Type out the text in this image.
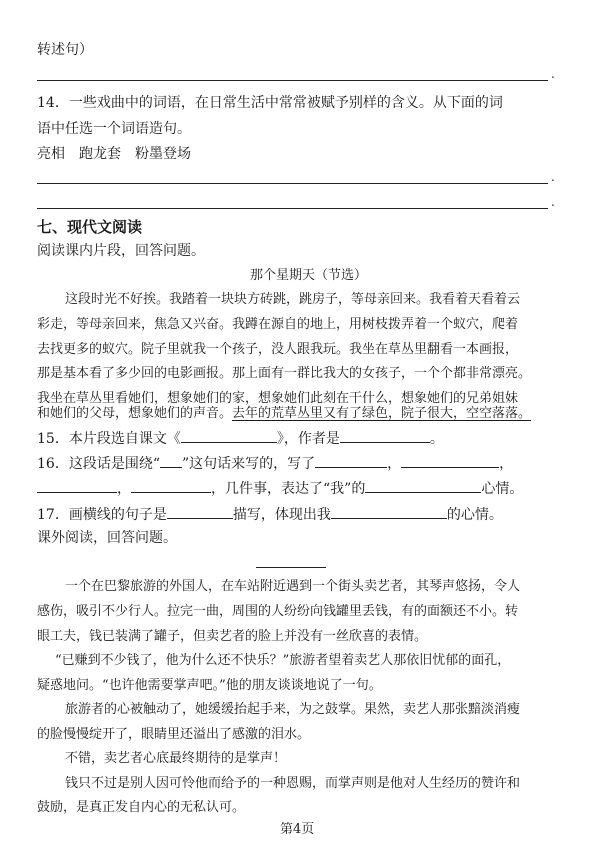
转述句）

.

14．一些戏曲中的词语，在日常生活中常常被赋予别样的含义。从下面的词

语中任选一个词语造句。

亮相　跑龙套　粉墨登场

.
.

七、现代文阅读

阅读课内片段，回答问题。

那个星期天（节选）

这段时光不好挨。我踏着一块块方砖跳，跳房子，等母亲回来。我看着天看着云

彩走，等母亲回来，焦急又兴奋。我蹲在源自的地上，用树枝拨弄着一个蚁穴，爬着

去找更多的蚁穴。院子里就我一个孩子，没人跟我玩。我坐在草丛里翻看一本画报，

那是基本看了多少回的电影画报。那上面有一群比我大的女孩子，一个个都非常漂亮。

我坐在草丛里看她们，想象她们的家，想象她们此刻在干什么，想象她们的兄弟姐妹

和她们的父母，想象她们的声音。去年的荒草丛里又有了绿色，院子很大，空空落落。

15．本片段选自课文《	》，作者是	。

16．这段话是围绕“ ”这句话来写的，写了	，	，

，	，几件事，表达了“我”的	心情。

17．画横线的句子是	描写，体现出我	的心情。

课外阅读，回答问题。

一个在巴黎旅游的外国人，在车站附近遇到一个街头卖艺者，其琴声悠扬，令人

感伤，吸引不少行人。拉完一曲，周围的人纷纷向钱罐里丢钱，有的面额还不小。转

眼工夫，钱已装满了罐子，但卖艺者的脸上并没有一丝欣喜的表情。

“已赚到不少钱了，他为什么还不快乐？”旅游者望着卖艺人那依旧忧郁的面孔，

疑惑地问。“也许他需要掌声吧。”他的朋友谈谈地说了一句。

旅游者的心被触动了，她缓缓抬起手来，为之鼓掌。果然，卖艺人那张黯淡消瘦

的脸慢慢绽开了，眼睛里还溢出了感激的泪水。

不错，卖艺者心底最终期待的是掌声！

钱只不过是别人因可怜他而给予的一种恩赐，而掌声则是他对人生经历的赞许和

鼓励，是真正发自内心的无私认可。

第4页
